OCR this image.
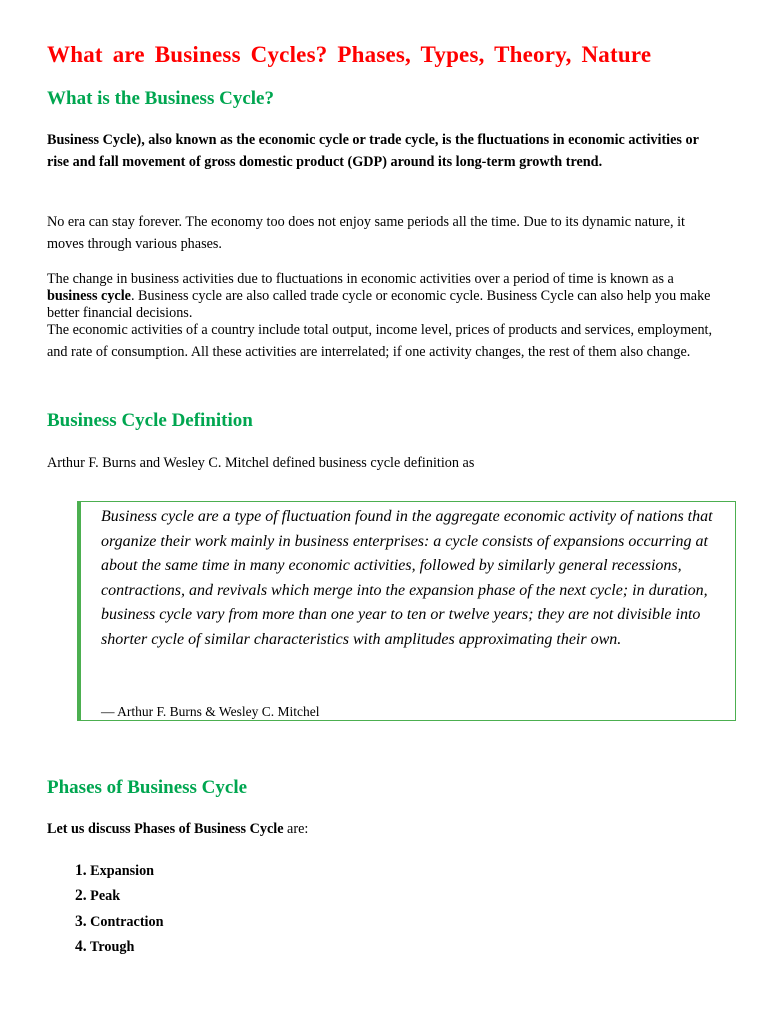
What are Business Cycles? Phases, Types, Theory, Nature
What is the Business Cycle?

Business Cycle), also known as the economic cycle or trade cycle, is the fluctuations in economic activities or rise and fall movement of gross domestic product (GDP) around its long-term growth trend.

No era can stay forever. The economy too does not enjoy same periods all the time. Due to its dynamic nature, it moves through various phases.

The change in business activities due to fluctuations in economic activities over a period of time is known as a business cycle. Business cycle are also called trade cycle or economic cycle. Business Cycle can also help you make better financial decisions.

The economic activities of a country include total output, income level, prices of products and services, employment, and rate of consumption. All these activities are interrelated; if one activity changes, the rest of them also change.

Business Cycle Definition

Arthur F. Burns and Wesley C. Mitchel defined business cycle definition as

Business cycle are a type of fluctuation found in the aggregate economic activity of nations that organize their work mainly in business enterprises: a cycle consists of expansions occurring at about the same time in many economic activities, followed by similarly general recessions, contractions, and revivals which merge into the expansion phase of the next cycle; in duration, business cycle vary from more than one year to ten or twelve years; they are not divisible into shorter cycle of similar characteristics with amplitudes approximating their own.

— Arthur F. Burns & Wesley C. Mitchel

Phases of Business Cycle

Let us discuss Phases of Business Cycle are:

1. Expansion
2. Peak
3. Contraction
4. Trough
